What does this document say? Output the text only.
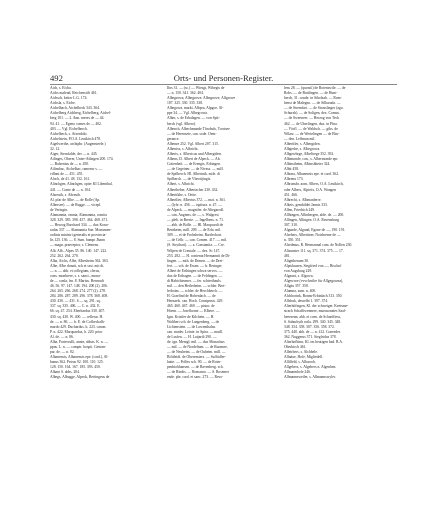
492	Orts- und Personen-Register.

Aich, s. Eicha.

Aichs malend, Reichenstift 461.

Aichsch, keiter L.G. 174.

Aichsla, s. Eiche.

Aichelbach, Aichelbeck 343. 364.

Aichelberg Aichberg, Eichelberg, Aichel-

berg 101. — 2. Ann. meres de — 44.

94. 41. — Egeno comes de — 402.

403. — Vgl. Eichelberch.

Aichelbeck, s. Aixenbilo.

Aichelstein, P.O.A. Leutkirch 478.

Aigelwerthe, archipbr. (Augensteele.)

32. 12.

Aiger, Sternfalde, der — n. 445.

Ailinges, Oberer, Unter-Ailingen 200. 174.

— Balsenius de — n. 450.

Ailinsbac, Aichelbac, ramenw s. —

villani de — 451. 455.

Aloch, de 41. 48. 132. 161.

Alinchgen, Alinchgen, opter KI Libenthal,

441. — Conte de — n. 104.

Alzreuth, s. Altreuth.

Al. pfar de Albe. — de Rolle (Ap.

Albersee). — de Rugge. — vicepl.

de Veringin.

Alamannia, omnia, Alamannia, comita

328. 329. 385. 398. 457. 464. 468. 471.

— Herzog Burchard 334. — dux Kono-

radus 337. — Alamannia Sue. Monumen-

ordinis ministri generalis et provincia-

lis 125. 136. — 8. Sum. bampt Jhann

— magn. praeceptor, s. Clemens.

Alb. Alb., Alpes 35. 86. 140. 147. 222.

252. 262. 264. 270.

Alba, Aichs, Albe, Albesheim 362. 363.

Albe, Albe donati, sch et ssst. mit dt.

— n. — abb. et collegium, clerus,

cons. monbrere, s. s. sanct., mona-

de — conla, fm. 8. Marius. Bernrudt

46. 56. 97. 147. 148. 194. 200 (2). 206.

264. 265. 266. 268. 274. 277 (2). 278.

284. 286. 287. 289. 296. 378. 368. 408.

430. 430. — 431. 6 — sq. 291. sq.

337. sq. 335. 406. — C. n. 432. E.

66. sq. 47. 254. Eberhardus 330. 407.

430. sq. 430. W. 400. — cellerar. H.

de. — n. 86. — fr. E. de Coflrechalh-

mardo 429. Duchardus. h. 223. canon.

P. n. 422. Marquardus, h. 220. prior

Al. de. — n. 86.

Alba, Fraterculli, annie, abbas. K. n. —

ppus. L. n. — comptr. hospit. Genom-

par. de. — n. 82.

Albanensis, Albanensis epe. (card.), Al-

banus 362. Petrus 92. 100. 110. 125.

128. 150. 164. 167. 185. 393. 450.

Albani S. abbs. 204.

Albegs, Albugge, Alpeck, Bertingeus de

Ibrs 31. — (sc.) — Wiesgt, Wibegts de

— n. 150. 341. 362. 404.

Albegrowa, Albegrowe, Albegrowe, Alfgrowe

187. 325. 330. 335. 338.

Albegowa, markt, Albpra, Alpgoe, Al-

ppe 34. — Vgl. Albegrowa.

Alber, s. de Erbalagen. — von Spit-

berch (vgl. Albero).

Albench, Albechmunde Throbuls, Torrtsee

— de Herenseie, can. sode. Oem-

gerance.

Albenze 252. Vgl. Albert 207. 315.

Albenixs, s. Albricht.

Alberis, s. Albericus und Albergiden.

Albens, D. Albert de Alpeck. — Ab.

Cottenheit. — de Erengis, Erbingen.

— de Gegeiner. — de Nivass. — mill.

de Spilberch. Hl. Albertnik. mile. di

Spilberch. — de Vbeotijingis.

Albert, s. Albricht.

Albertheber, Albertacher 230. 432.

Albertikhe, s. Oette.

Albertlier, Albertus 372. — mat. n. 361.

— (lyfe. n. 456. — ispitura. n. 47. —

de Alpeck. — magnifer. de Altegarodl.

— can. Augiens. de —, s. Walgrest

— pleb. in Breste. — Ingelbens. n. 71.

— abb. de Bolle. — Hl. Marquardi de

Bentkeim, mill. 209. — de Erla. mil.

309. — et de Frohsheim. Bartlechart.

— de Cellr. — can. Comen. 417. — mil.

(S. Strythari). — a. Constantia. — Cre.

Wilpen de Creutale. — dex. Sc 147.

253. 282. — H. contenta Hermannii de Di-

lingen. — mth. de Drmen. — de Drei-

fert. — sch. de Essen. — fr. Beringer

Albert de Erthingen schwa servos. —

dux de Erthagen. — de Feldingen. —

dt Habichiermer. — fer. schterthauls.

mil. — den Hetlerheim. — schler. Bert-

lerboim. — schler. de Herchberch. —

H. Graelind de Hobenlach. — de

Hernaels. can. Hoch. Constpnsis. 429.

465. 460. 467. 469. — pistor. de

Hoem. — Josefhorne — Klbere. —

Igm. Kristfer de Kilchein. — H.

Walthert sch. de Langenberg. — de

Lichtenstein. — de Lowenthalsn.

can. moder. Leinie. in Spira. — mutll.

de Lusfen. — H. Lutjardi 290. —

de. ign. Mentgl. mil. — dux Monachus

— mil. — de Nordelium. — de Ruomne,

— de Neuheim. — de Ouheim. mill. —

Bifttleidi. de Oberensters. — Suffiidler-

hatte. — Pollex sch. 90. — de Roter-

penbiohhansen. — de Ravenberg. sch.

— de Rindts. — Romanor. — S. Rosemer

ende. pbr. card. et sanc. 273. — Reso-

lens 28. — (quond.) de Rotenswile. — de

Rohs. — de Buttlingen. — de Hunt-

berch, 31. conde. in Stholzab. — Rom-

hensi de Malegno. — de Silbarada. —

— de Stremfart. — de Strasslinger (ago.

Schurzh). — de Soligen, dex. Comus.

— de Sweenver. — Herzog von Teck

462. — de Überlingen, dux. in Pfna.

— Vörfl. — de Waldsch. — gibs. de

Wilasr. — de Wertelingen — de Elnr-

— den. Leffmun mil.

Albertiler, s. Albergiden.

Albgesbe, s. Albegrowa.

Albgewbrge, Albelirege 352. 392.

Albimonde, can., s. Albermonde epr.

Albinstheim, Albinsbheier 324.

Albit 458.

Albona, Albanensis epe. et card. 362.

Albrenu 173.

Albrunsbr. aom, Albers, O.A. Leutkirch,

oder Albers, Alpirtts, O.A. Wangen

451. 466.

Albrecht, s. Albmanlerre.

Alkeis, gembildet Jannis 333.

Allen, Friedrich 249.

Allhingen, Allinbergen, alde. de. — 200.

Allingen, Allingen. O.A. Ravensburg

307. 310.

Algunde, Algund, Egone de —, 190. 191.

Alsehers, Albertiner, Noisbreme de —

n. 350. 351.

Alsedmus, R. Hermannal com. de Nollen 230.

Alisunster 111. sq. 371. 374. 375. — 17.

481.

Alignthenum 30.

Alpisluusen, Siegfried von —, Bischof

von Augsburg 229.

Algaunt, s. Algowa.

Algewore (vvvchrrilre für Allgegowna),

Allgäu 357. 358.

Alumna, zum. n. 400.

Alchhorink, Bonns-Erbinlach 313. 350.

Alfshuk, desselbt 1. 397. 374.

Alterhöfingen, Kl. der schweiger. Keetsme-

strach Schafftwennere, mueasonates Saaf-

heeesenn, abb. et conv. de Schaeffiess,

S. Sahurhyth rotla. 299. 340. 345. 348.

348. 354. 358. 307. 356. 358. 372.

375. 440. abb. de — n. 412. Coneedes

362. Nuggerus 371. Siegfridus 378.

Alterhofhinn, Kl. im heutigen bad. B.A.

Oberkirch 461.

Alleirbers, s. Alchbele.

Allnäue, Hofe, Migliedell.

Alltlfeld, s. Albaroch.

Allgebers, s. Algebers n. Algenhen.

Allmannhofe 246.

Allmannsweiler, s. Allmannswyler.
